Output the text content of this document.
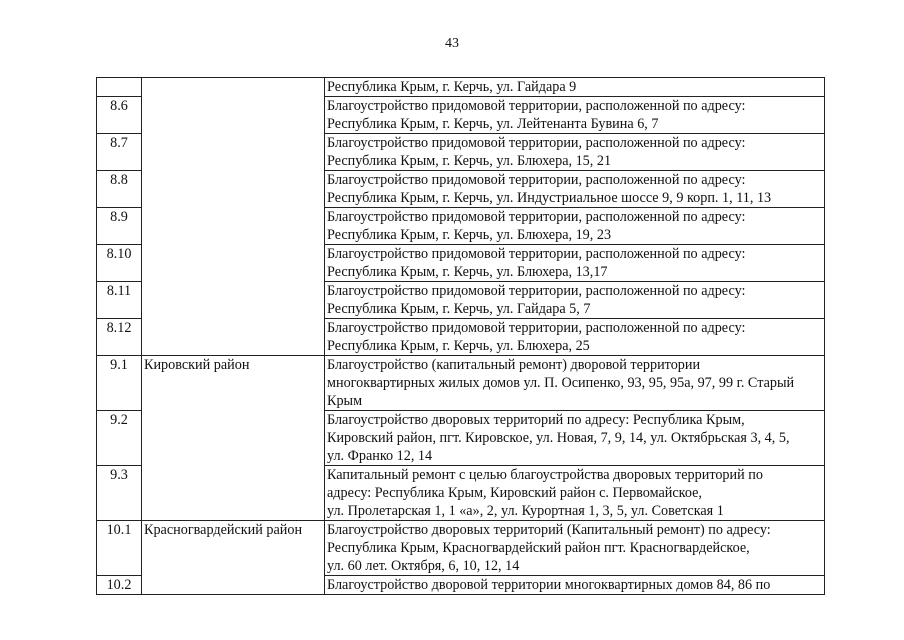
43

		Республика Крым, г. Керчь, ул. Гайдара 9

8.6		Благоустройство придомовой территории, расположенной по адресу:
Республика Крым, г. Керчь, ул. Лейтенанта Бувина 6, 7

8.7		Благоустройство придомовой территории, расположенной по адресу:
Республика Крым, г. Керчь, ул. Блюхера, 15, 21

8.8		Благоустройство придомовой территории, расположенной по адресу:
Республика Крым, г. Керчь, ул. Индустриальное шоссе 9, 9 корп. 1, 11, 13

8.9		Благоустройство придомовой территории, расположенной по адресу:
Республика Крым, г. Керчь, ул. Блюхера, 19, 23

8.10		Благоустройство придомовой территории, расположенной по адресу:
Республика Крым, г. Керчь, ул. Блюхера, 13,17

8.11		Благоустройство придомовой территории, расположенной по адресу:
Республика Крым, г. Керчь, ул. Гайдара 5, 7

8.12		Благоустройство придомовой территории, расположенной по адресу:
Республика Крым, г. Керчь, ул. Блюхера, 25

9.1	Кировский район	Благоустройство (капитальный ремонт) дворовой территории
многоквартирных жилых домов ул. П. Осипенко, 93, 95, 95а, 97, 99 г. Старый
Крым

9.2		Благоустройство дворовых территорий по адресу: Республика Крым,
Кировский район, пгт. Кировское, ул. Новая, 7, 9, 14, ул. Октябрьская 3, 4, 5,
ул. Франко 12, 14

9.3		Капитальный ремонт с целью благоустройства дворовых территорий по
адресу: Республика Крым, Кировский район с. Первомайское,
ул. Пролетарская 1, 1 «а», 2, ул. Курортная 1, 3, 5, ул. Советская 1

10.1	Красногвардейский район	Благоустройство дворовых территорий (Капитальный ремонт) по адресу:
Республика Крым, Красногвардейский район пгт. Красногвардейское,
ул. 60 лет. Октября, 6, 10, 12, 14

10.2		Благоустройство дворовой территории многоквартирных домов 84, 86 по
